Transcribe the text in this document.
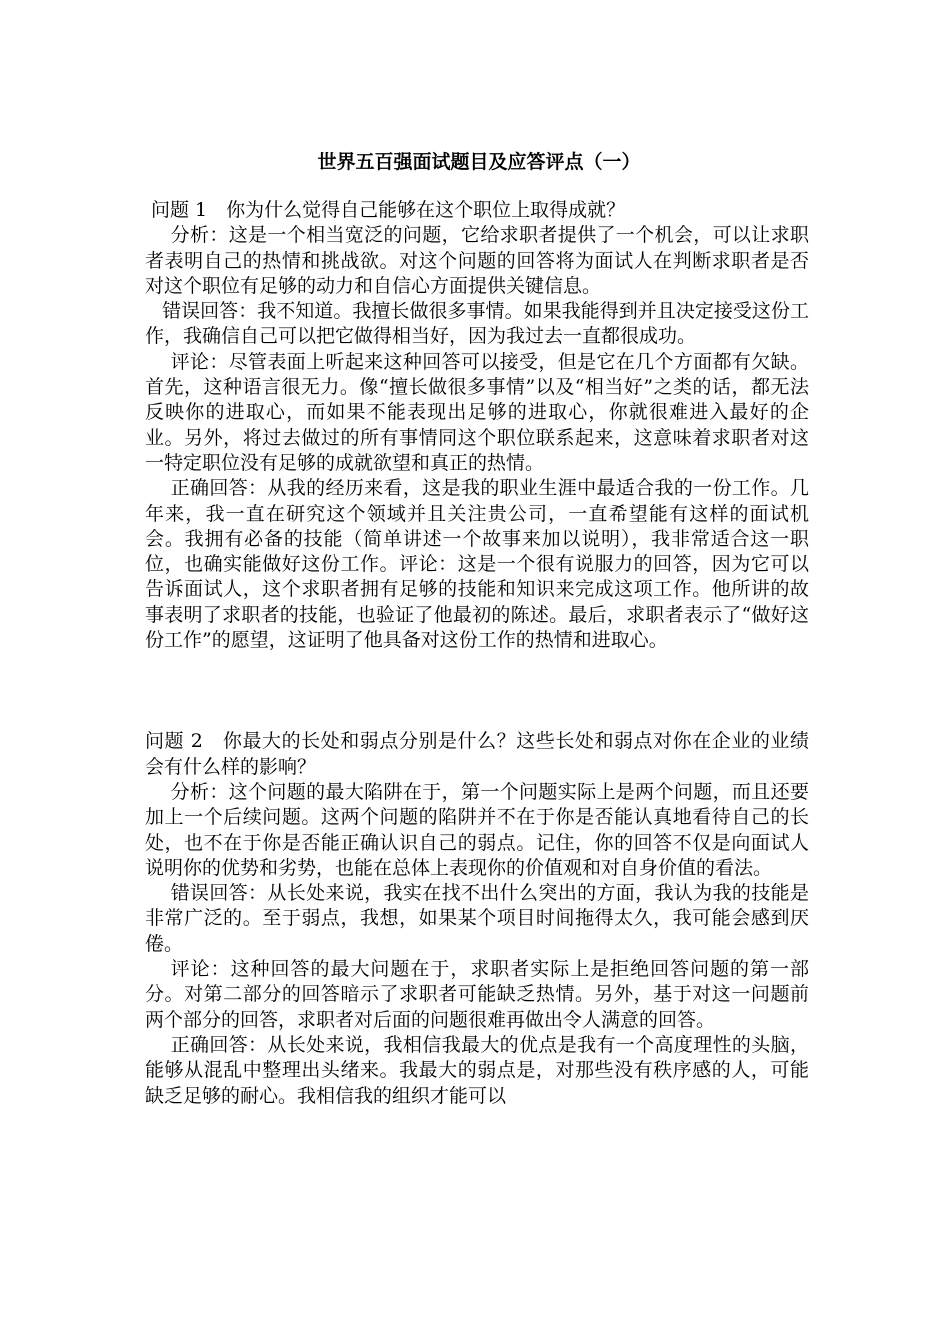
世界五百强面试题目及应答评点（一）

问题 1　你为什么觉得自己能够在这个职位上取得成就？

分析：这是一个相当宽泛的问题，它给求职者提供了一个机会，可以让求职者表明自己的热情和挑战欲。对这个问题的回答将为面试人在判断求职者是否对这个职位有足够的动力和自信心方面提供关键信息。

错误回答：我不知道。我擅长做很多事情。如果我能得到并且决定接受这份工作，我确信自己可以把它做得相当好，因为我过去一直都很成功。

评论：尽管表面上听起来这种回答可以接受，但是它在几个方面都有欠缺。首先，这种语言很无力。像“擅长做很多事情”以及“相当好”之类的话，都无法反映你的进取心，而如果不能表现出足够的进取心，你就很难进入最好的企业。另外，将过去做过的所有事情同这个职位联系起来，这意味着求职者对这一特定职位没有足够的成就欲望和真正的热情。

正确回答：从我的经历来看，这是我的职业生涯中最适合我的一份工作。几年来，我一直在研究这个领域并且关注贵公司，一直希望能有这样的面试机会。我拥有必备的技能（简单讲述一个故事来加以说明），我非常适合这一职位，也确实能做好这份工作。评论：这是一个很有说服力的回答，因为它可以告诉面试人，这个求职者拥有足够的技能和知识来完成这项工作。他所讲的故事表明了求职者的技能，也验证了他最初的陈述。最后，求职者表示了“做好这份工作”的愿望，这证明了他具备对这份工作的热情和进取心。

问题 2　你最大的长处和弱点分别是什么？这些长处和弱点对你在企业的业绩会有什么样的影响？

分析：这个问题的最大陷阱在于，第一个问题实际上是两个问题，而且还要加上一个后续问题。这两个问题的陷阱并不在于你是否能认真地看待自己的长处，也不在于你是否能正确认识自己的弱点。记住，你的回答不仅是向面试人说明你的优势和劣势，也能在总体上表现你的价值观和对自身价值的看法。

错误回答：从长处来说，我实在找不出什么突出的方面，我认为我的技能是非常广泛的。至于弱点，我想，如果某个项目时间拖得太久，我可能会感到厌倦。

评论：这种回答的最大问题在于，求职者实际上是拒绝回答问题的第一部分。对第二部分的回答暗示了求职者可能缺乏热情。另外，基于对这一问题前两个部分的回答，求职者对后面的问题很难再做出令人满意的回答。

正确回答：从长处来说，我相信我最大的优点是我有一个高度理性的头脑，能够从混乱中整理出头绪来。我最大的弱点是，对那些没有秩序感的人，可能缺乏足够的耐心。我相信我的组织才能可以
